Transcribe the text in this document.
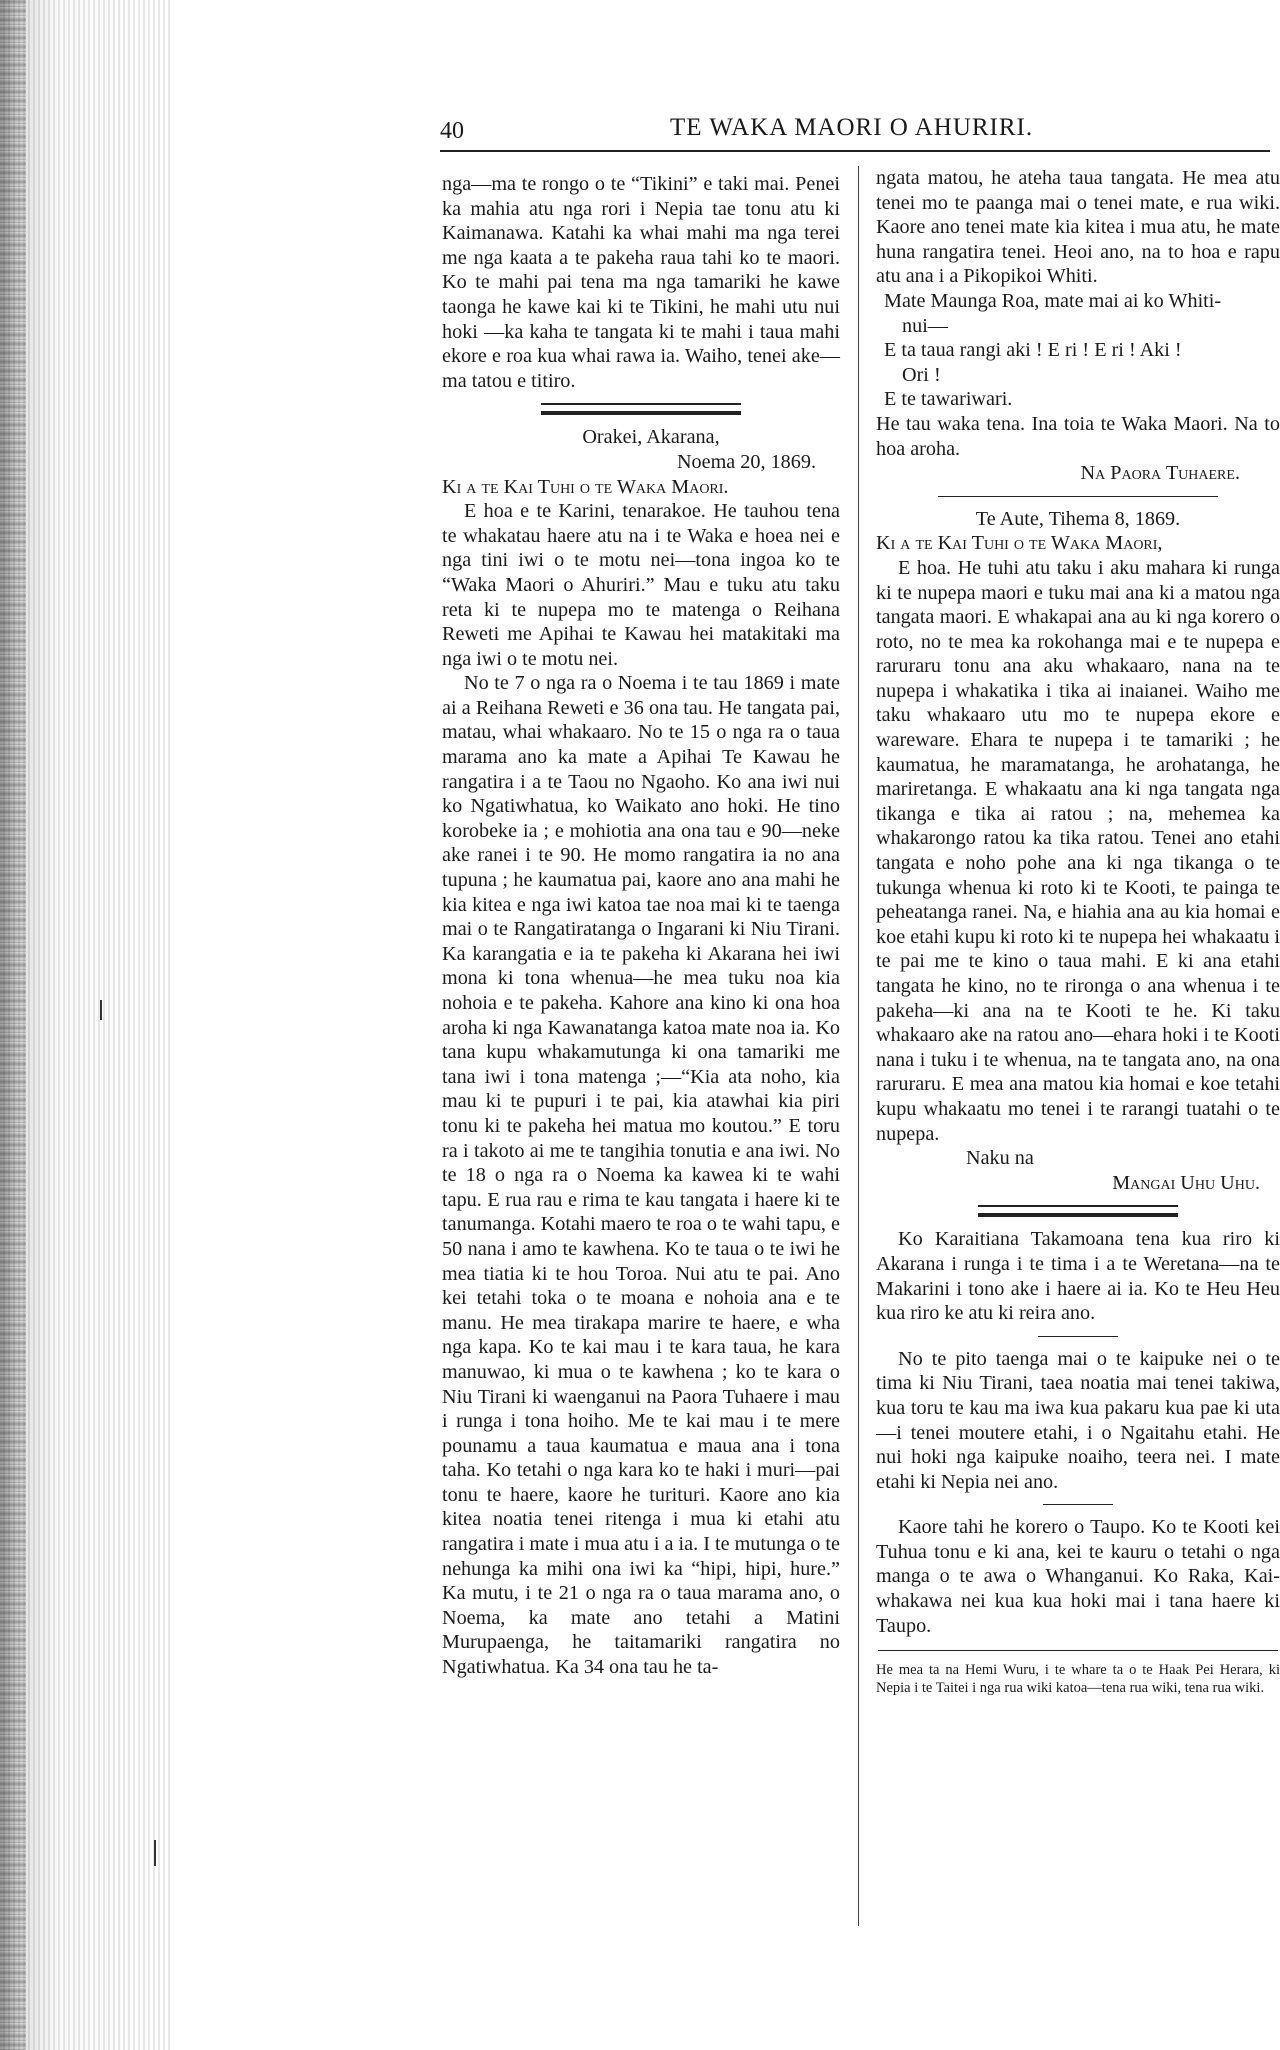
40	TE WAKA MAORI O AHURIRI.

nga—ma te rongo o te “Tikini” e taki mai. Penei ka mahia atu nga rori i Nepia tae tonu atu ki Kaimanawa. Katahi ka whai mahi ma nga terei me nga kaata a te pakeha raua tahi ko te maori. Ko te mahi pai tena ma nga tamariki he kawe taonga he kawe kai ki te Tikini, he mahi utu nui hoki —ka kaha te tangata ki te mahi i taua mahi ekore e roa kua whai rawa ia. Waiho, tenei ake—ma tatou e titiro.

Orakei, Akarana,

Noema 20, 1869.

Ki a te Kai Tuhi o te Waka Maori.

E hoa e te Karini, tenarakoe. He tauhou tena te whakatau haere atu na i te Waka e hoea nei e nga tini iwi o te motu nei—tona ingoa ko te “Waka Maori o Ahuriri.” Mau e tuku atu taku reta ki te nupepa mo te matenga o Reihana Reweti me Apihai te Kawau hei matakitaki ma nga iwi o te motu nei.

No te 7 o nga ra o Noema i te tau 1869 i mate ai a Reihana Reweti e 36 ona tau. He tangata pai, matau, whai whakaaro. No te 15 o nga ra o taua marama ano ka mate a Apihai Te Kawau he rangatira i a te Taou no Ngaoho. Ko ana iwi nui ko Ngatiwhatua, ko Waikato ano hoki. He tino korobeke ia ; e mohiotia ana ona tau e 90—neke ake ranei i te 90. He momo rangatira ia no ana tupuna ; he kaumatua pai, kaore ano ana mahi he kia kitea e nga iwi katoa tae noa mai ki te taenga mai o te Rangatiratanga o Ingarani ki Niu Tirani. Ka karangatia e ia te pakeha ki Akarana hei iwi mona ki tona whenua—he mea tuku noa kia nohoia e te pakeha. Kahore ana kino ki ona hoa aroha ki nga Kawanatanga katoa mate noa ia. Ko tana kupu whakamutunga ki ona tamariki me tana iwi i tona matenga ;—“Kia ata noho, kia mau ki te pupuri i te pai, kia atawhai kia piri tonu ki te pakeha hei matua mo koutou.” E toru ra i takoto ai me te tangihia tonutia e ana iwi. No te 18 o nga ra o Noema ka kawea ki te wahi tapu. E rua rau e rima te kau tangata i haere ki te tanumanga. Kotahi maero te roa o te wahi tapu, e 50 nana i amo te kawhena. Ko te taua o te iwi he mea tiatia ki te hou Toroa. Nui atu te pai. Ano kei tetahi toka o te moana e nohoia ana e te manu. He mea tirakapa marire te haere, e wha nga kapa. Ko te kai mau i te kara taua, he kara manuwao, ki mua o te kawhena ; ko te kara o Niu Tirani ki waenganui na Paora Tuhaere i mau i runga i tona hoiho. Me te kai mau i te mere pounamu a taua kaumatua e maua ana i tona taha. Ko tetahi o nga kara ko te haki i muri—pai tonu te haere, kaore he turituri. Kaore ano kia kitea noatia tenei ritenga i mua ki etahi atu rangatira i mate i mua atu i a ia. I te mutunga o te nehunga ka mihi ona iwi ka “hipi, hipi, hure.” Ka mutu, i te 21 o nga ra o taua marama ano, o Noema, ka mate ano tetahi a Matini Murupaenga, he taitamariki rangatira no Ngatiwhatua. Ka 34 ona tau he ta-

ngata matou, he ateha taua tangata. He mea atu tenei mo te paanga mai o tenei mate, e rua wiki. Kaore ano tenei mate kia kitea i mua atu, he mate huna rangatira tenei. Heoi ano, na to hoa e rapu atu ana i a Pikopikoi Whiti.

Mate Maunga Roa, mate mai ai ko Whiti-

nui—

E ta taua rangi aki ! E ri ! E ri ! Aki !

Ori !

E te tawariwari.

He tau waka tena. Ina toia te Waka Maori. Na to hoa aroha.

Na Paora Tuhaere.

Te Aute, Tihema 8, 1869.

Ki a te Kai Tuhi o te Waka Maori,

E hoa. He tuhi atu taku i aku mahara ki runga ki te nupepa maori e tuku mai ana ki a matou nga tangata maori. E whakapai ana au ki nga korero o roto, no te mea ka rokohanga mai e te nupepa e raruraru tonu ana aku whakaaro, nana na te nupepa i whakatika i tika ai inaianei. Waiho me taku whakaaro utu mo te nupepa ekore e wareware. Ehara te nupepa i te tamariki ; he kaumatua, he maramatanga, he arohatanga, he mariretanga. E whakaatu ana ki nga tangata nga tikanga e tika ai ratou ; na, mehemea ka whakarongo ratou ka tika ratou. Tenei ano etahi tangata e noho pohe ana ki nga tikanga o te tukunga whenua ki roto ki te Kooti, te painga te peheatanga ranei. Na, e hiahia ana au kia homai e koe etahi kupu ki roto ki te nupepa hei whakaatu i te pai me te kino o taua mahi. E ki ana etahi tangata he kino, no te rironga o ana whenua i te pakeha—ki ana na te Kooti te he. Ki taku whakaaro ake na ratou ano—ehara hoki i te Kooti nana i tuku i te whenua, na te tangata ano, na ona raruraru. E mea ana matou kia homai e koe tetahi kupu whakaatu mo tenei i te rarangi tuatahi o te nupepa.

Naku na

Mangai Uhu Uhu.

Ko Karaitiana Takamoana tena kua riro ki Akarana i runga i te tima i a te Weretana—na te Makarini i tono ake i haere ai ia. Ko te Heu Heu kua riro ke atu ki reira ano.

No te pito taenga mai o te kaipuke nei o te tima ki Niu Tirani, taea noatia mai tenei takiwa, kua toru te kau ma iwa kua pakaru kua pae ki uta—i tenei moutere etahi, i o Ngaitahu etahi. He nui hoki nga kaipuke noaiho, teera nei. I mate etahi ki Nepia nei ano.

Kaore tahi he korero o Taupo. Ko te Kooti kei Tuhua tonu e ki ana, kei te kauru o tetahi o nga manga o te awa o Whanganui. Ko Raka, Kai-whakawa nei kua kua hoki mai i tana haere ki Taupo.

He mea ta na Hemi Wuru, i te whare ta o te Haak Pei Herara, ki Nepia i te Taitei i nga rua wiki katoa—tena rua wiki, tena rua wiki.
